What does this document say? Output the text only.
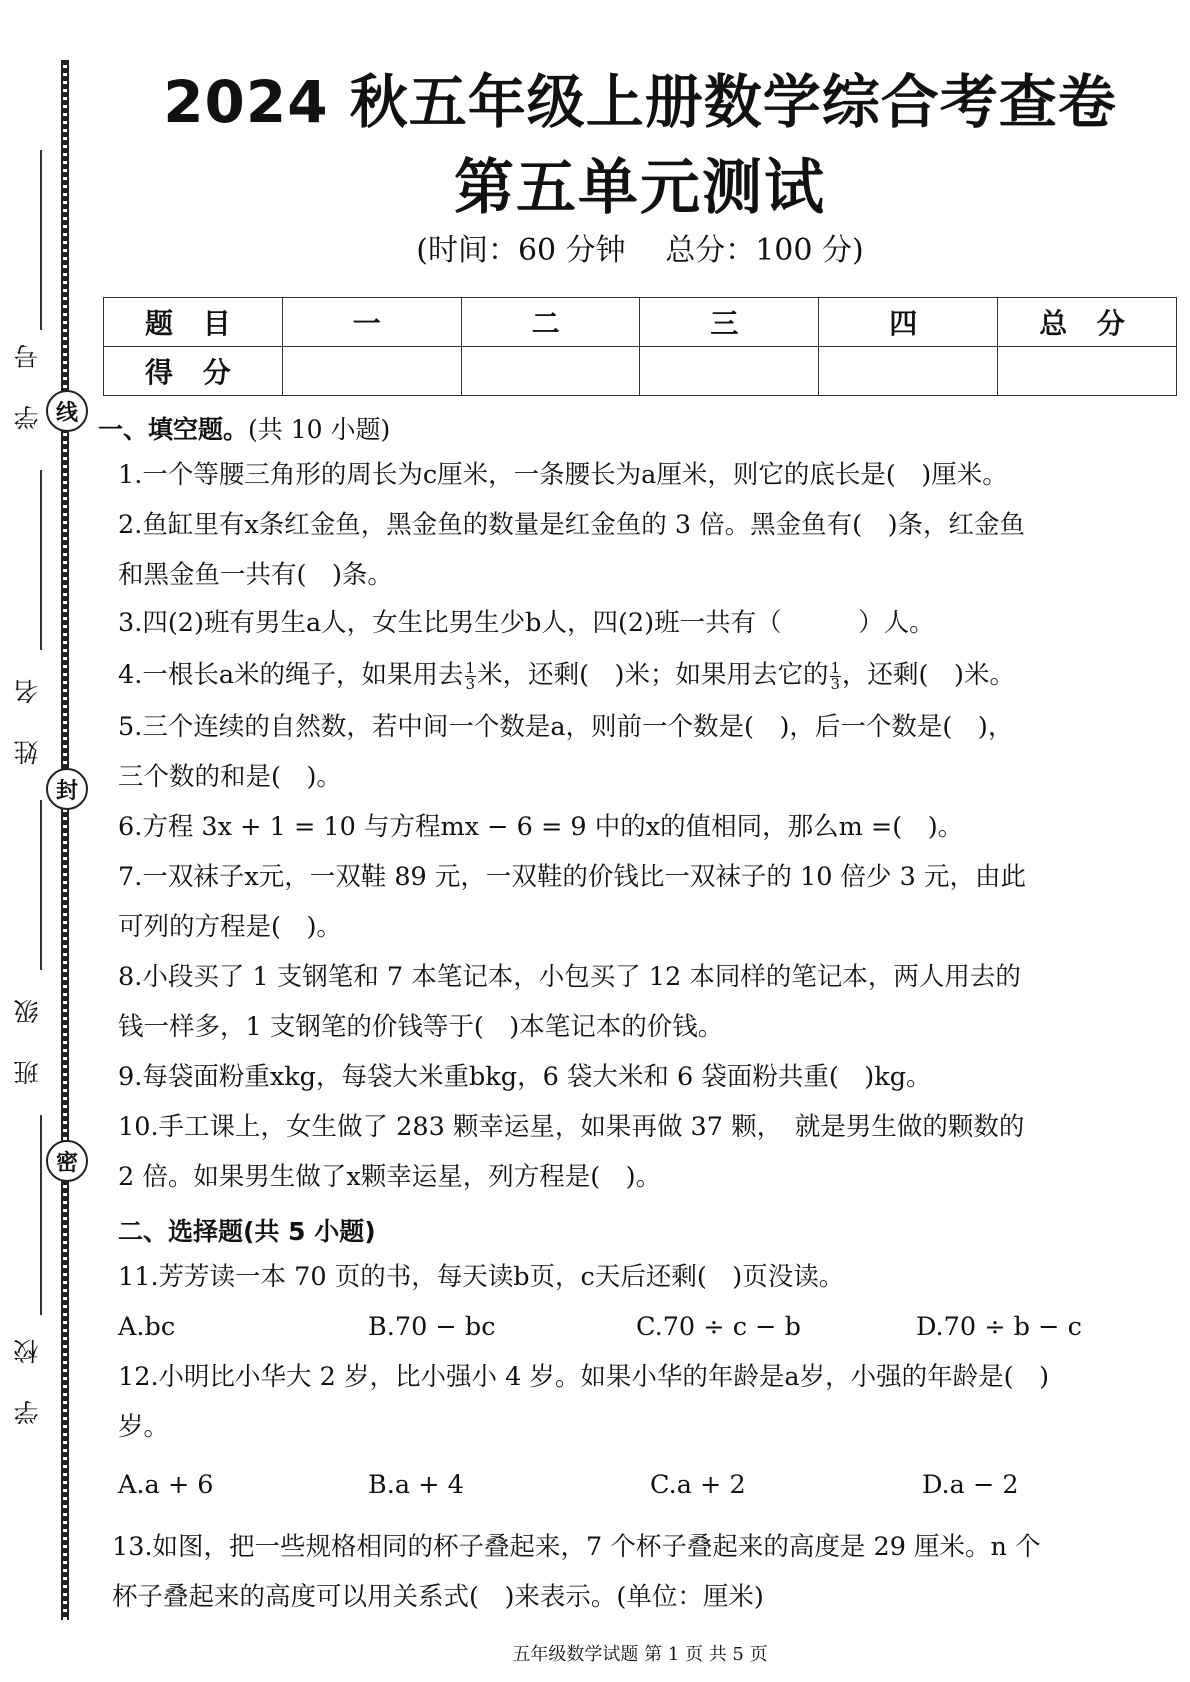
学 号
姓 名
班 级
学 校
线
封
密
2024 秋五年级上册数学综合考查卷
第五单元测试
(时间：60 分钟　 总分：100 分)
题 目	一	二	三	四	总 分
得 分					
一、填空题。(共 10 小题)
1.一个等腰三角形的周长为c厘米，一条腰长为a厘米，则它的底长是(　)厘米。
2.鱼缸里有x条红金鱼，黑金鱼的数量是红金鱼的 3 倍。黑金鱼有(　)条，红金鱼
和黑金鱼一共有(　)条。
3.四(2)班有男生a人，女生比男生少b人，四(2)班一共有（　　　）人。
4.一根长a米的绳子，如果用去 $\frac{1}{3}$ 米，还剩(　)米；如果用去它的 $\frac{1}{3}$ ，还剩(　)米。
5.三个连续的自然数，若中间一个数是a，则前一个数是(　)，后一个数是(　)，
三个数的和是(　)。
6.方程 3x + 1 = 10 与方程mx − 6 = 9 中的x的值相同，那么m =(　)。
7.一双袜子x元，一双鞋 89 元，一双鞋的价钱比一双袜子的 10 倍少 3 元，由此
可列的方程是(　)。
8.小段买了 1 支钢笔和 7 本笔记本，小包买了 12 本同样的笔记本，两人用去的
钱一样多，1 支钢笔的价钱等于(　)本笔记本的价钱。
9.每袋面粉重xkg，每袋大米重bkg，6 袋大米和 6 袋面粉共重(　)kg。
10.手工课上，女生做了 283 颗幸运星，如果再做 37 颗，　就是男生做的颗数的
2 倍。如果男生做了x颗幸运星，列方程是(　)。
二、选择题(共 5 小题)
11.芳芳读一本 70 页的书，每天读b页，c天后还剩(　)页没读。
A.bc	B.70 − bc	C.70 ÷ c − b	D.70 ÷ b − c
12.小明比小华大 2 岁，比小强小 4 岁。如果小华的年龄是a岁，小强的年龄是(　)
岁。
A.a + 6	B.a + 4	C.a + 2	D.a − 2
13.如图，把一些规格相同的杯子叠起来，7 个杯子叠起来的高度是 29 厘米。n 个
杯子叠起来的高度可以用关系式(　)来表示。(单位：厘米)
五年级数学试题 第 1 页 共 5 页
